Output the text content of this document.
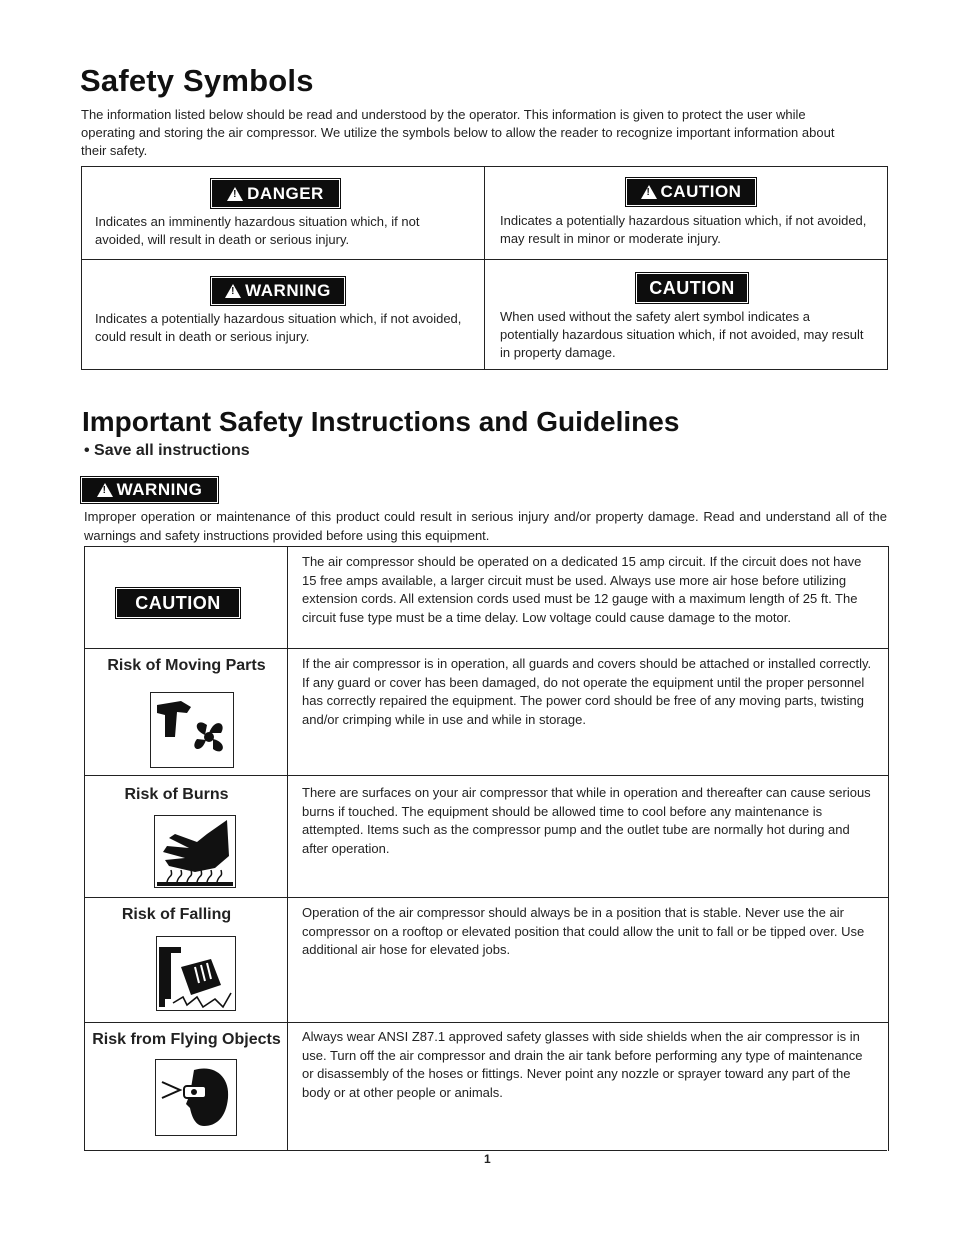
Safety Symbols
The information listed below should be read and understood by the operator. This information is given to protect the user while operating and storing the air compressor. We utilize the symbols below to allow the reader to recognize important information about their safety.
!
DANGER
Indicates an imminently hazardous situation which, if not avoided, will result in death or serious injury.
!
CAUTION
Indicates a potentially hazardous situation which, if not avoided, may result in minor or moderate injury.
!
WARNING
Indicates a potentially hazardous situation which, if not avoided, could result in death or serious injury.
CAUTION
When used without the safety alert symbol indicates a potentially hazardous situation which, if not avoided, may result in property damage.
Important Safety Instructions and Guidelines
• Save all instructions
!
WARNING
Improper operation or maintenance of this product could result in serious injury and/or property damage. Read and understand all of the warnings and safety instructions provided before using this equipment.
CAUTION
The air compressor should be operated on a dedicated 15 amp circuit. If the circuit does not have 15 free amps available, a larger circuit must be used. Always use more air hose before utilizing extension cords. All extension cords used must be 12 gauge with a maximum length of 25 ft. The circuit fuse type must be a time delay. Low voltage could cause damage to the motor.
Risk of Moving Parts	If the air compressor is in operation, all guards and covers should be attached or installed correctly. If any guard or cover has been damaged, do not operate the equipment until the proper personnel has correctly repaired the equipment. The power cord should be free of any moving parts, twisting and/or crimping while in use and while in storage.
Risk of Burns	There are surfaces on your air compressor that while in operation and thereafter can cause serious burns if touched. The equipment should be allowed time to cool before any maintenance is attempted. Items such as the compressor pump and the outlet tube are normally hot during and after operation.
Risk of Falling	Operation of the air compressor should always be in a position that is stable. Never use the air compressor on a rooftop or elevated position that could allow the unit to fall or be tipped over. Use additional air hose for elevated jobs.
Risk from Flying Objects	Always wear ANSI Z87.1 approved safety glasses with side shields when the air compressor is in use. Turn off the air compressor and drain the air tank before performing any type of maintenance or disassembly of the hoses or fittings. Never point any nozzle or sprayer toward any part of the body or at other people or animals.
1
